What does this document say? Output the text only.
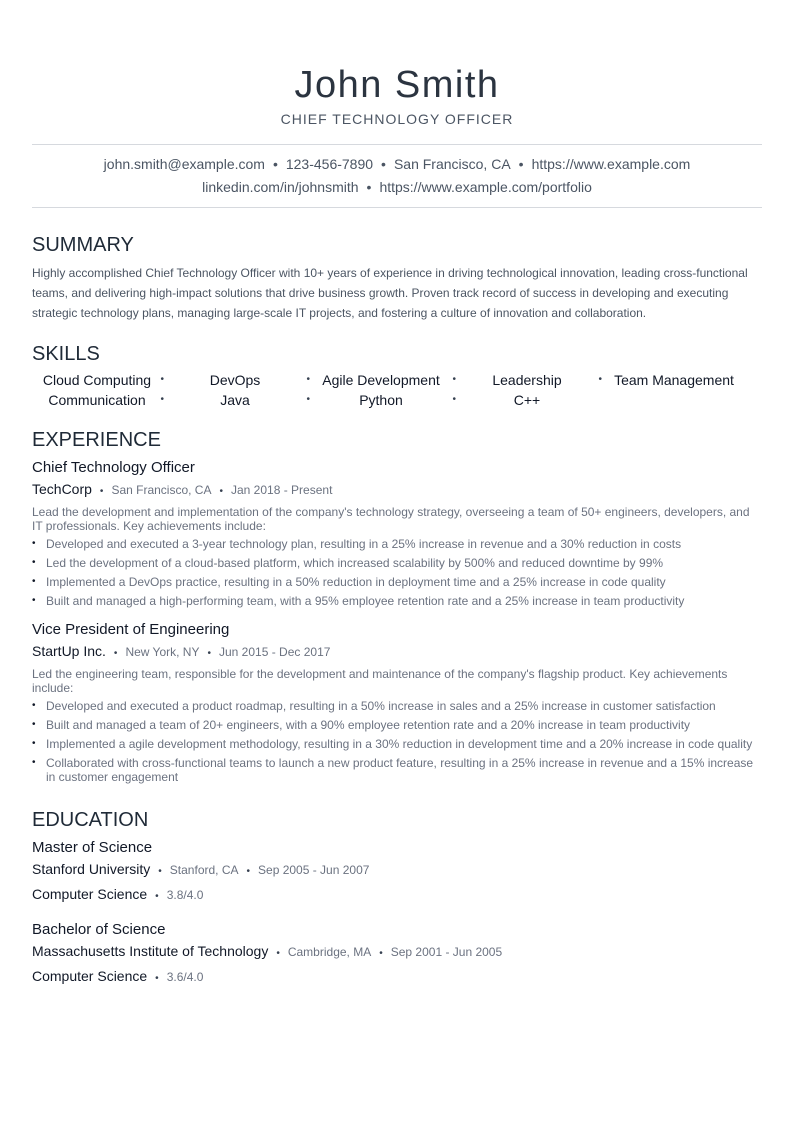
John Smith
CHIEF TECHNOLOGY OFFICER
john.smith@example.com • 123-456-7890 • San Francisco, CA • https://www.example.com
linkedin.com/in/johnsmith • https://www.example.com/portfolio
SUMMARY

Highly accomplished Chief Technology Officer with 10+ years of experience in driving technological innovation, leading cross-functional teams, and delivering high-impact solutions that drive business growth. Proven track record of success in developing and executing strategic technology plans, managing large-scale IT projects, and fostering a culture of innovation and collaboration.

SKILLS
Cloud Computing •	DevOps	• Agile Development •	Leadership	• Team Management
Communication •	Java	•	Python	•	C++
EXPERIENCE
Chief Technology Officer
TechCorp • San Francisco, CA • Jan 2018 - Present
Lead the development and implementation of the company's technology strategy, overseeing a team of 50+ engineers, developers, and IT professionals. Key achievements include:
• Developed and executed a 3-year technology plan, resulting in a 25% increase in revenue and a 30% reduction in costs
• Led the development of a cloud-based platform, which increased scalability by 500% and reduced downtime by 99%
• Implemented a DevOps practice, resulting in a 50% reduction in deployment time and a 25% increase in code quality
• Built and managed a high-performing team, with a 95% employee retention rate and a 25% increase in team productivity
Vice President of Engineering
StartUp Inc. • New York, NY • Jun 2015 - Dec 2017
Led the engineering team, responsible for the development and maintenance of the company's flagship product. Key achievements include:
• Developed and executed a product roadmap, resulting in a 50% increase in sales and a 25% increase in customer satisfaction
• Built and managed a team of 20+ engineers, with a 90% employee retention rate and a 20% increase in team productivity
• Implemented a agile development methodology, resulting in a 30% reduction in development time and a 20% increase in code quality
• Collaborated with cross-functional teams to launch a new product feature, resulting in a 25% increase in revenue and a 15% increase in customer engagement
EDUCATION
Master of Science
Stanford University • Stanford, CA • Sep 2005 - Jun 2007
Computer Science • 3.8/4.0
Bachelor of Science
Massachusetts Institute of Technology • Cambridge, MA • Sep 2001 - Jun 2005
Computer Science • 3.6/4.0
